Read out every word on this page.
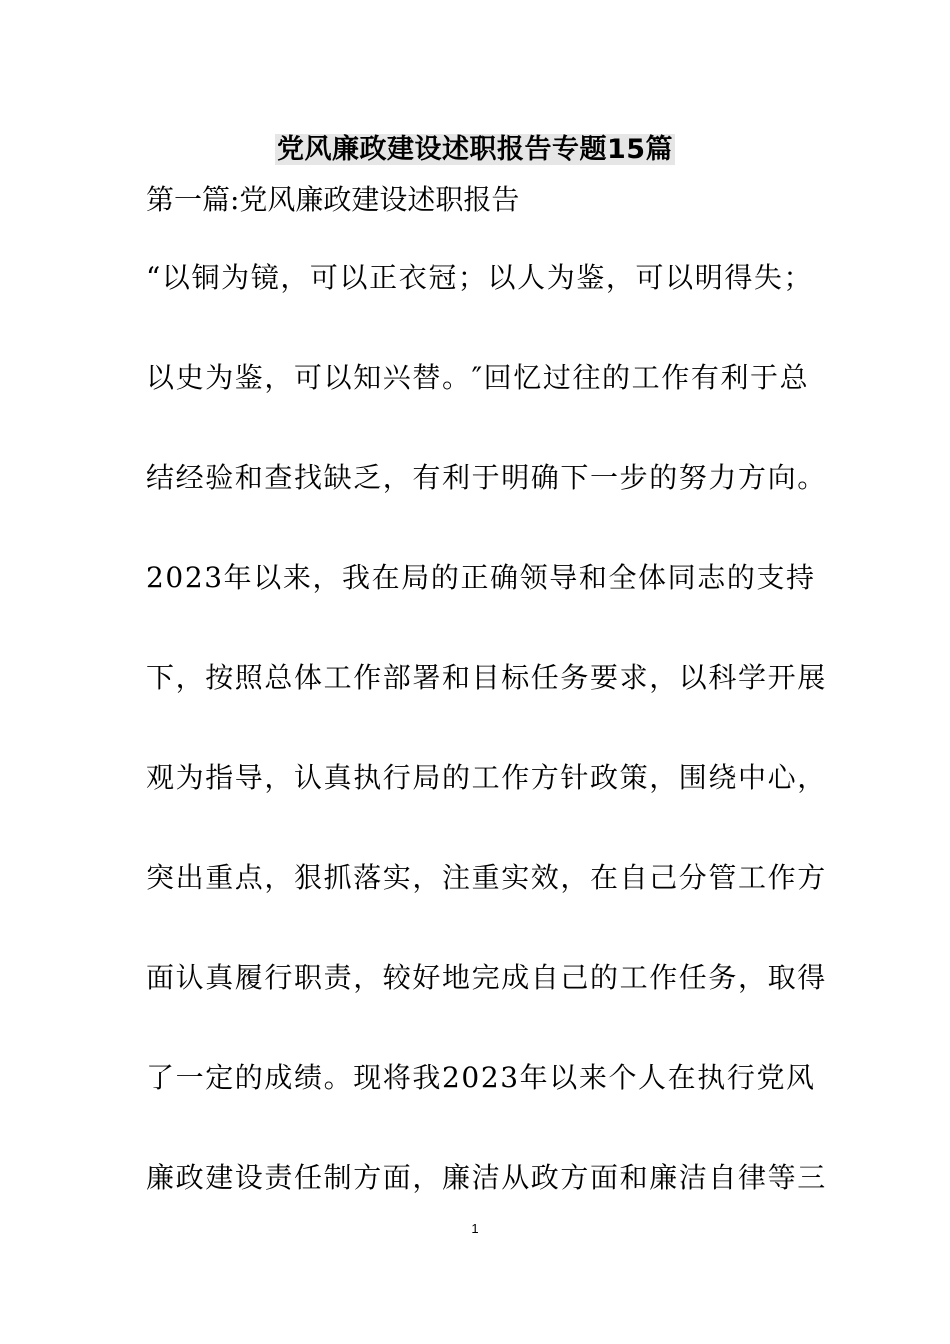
党风廉政建设述职报告专题15篇
第一篇:党风廉政建设述职报告
“以铜为镜，可以正衣冠；以人为鉴，可以明得失；
以史为鉴，可以知兴替。″回忆过往的工作有利于总
结经验和查找缺乏，有利于明确下一步的努力方向。
2023年以来，我在局的正确领导和全体同志的支持
下，按照总体工作部署和目标任务要求，以科学开展
观为指导，认真执行局的工作方针政策，围绕中心，
突出重点，狠抓落实，注重实效，在自己分管工作方
面认真履行职责，较好地完成自己的工作任务，取得
了一定的成绩。现将我2023年以来个人在执行党风
廉政建设责任制方面，廉洁从政方面和廉洁自律等三
1
